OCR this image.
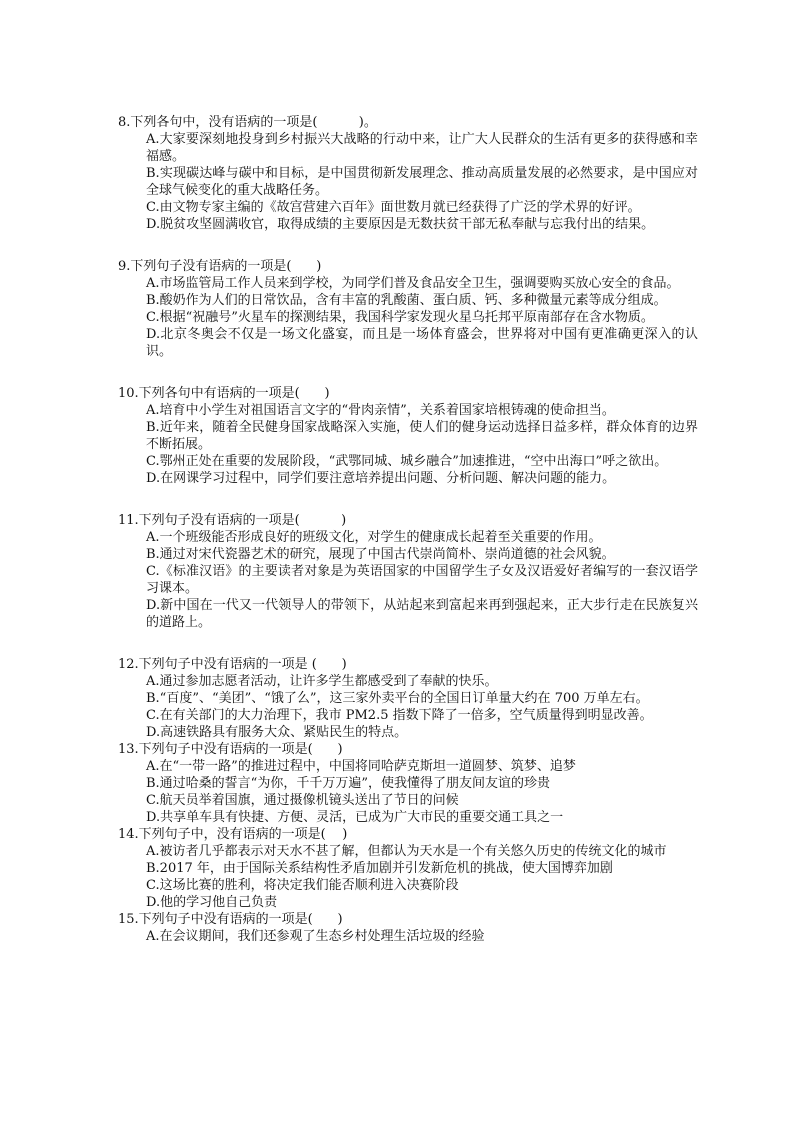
8.下列各句中，没有语病的一项是(          )。
A.大家要深刻地投身到乡村振兴大战略的行动中来，让广大人民群众的生活有更多的获得感和幸福感。
B.实现碳达峰与碳中和目标，是中国贯彻新发展理念、推动高质量发展的必然要求，是中国应对全球气候变化的重大战略任务。
C.由文物专家主编的《故宫营建六百年》面世数月就已经获得了广泛的学术界的好评。
D.脱贫攻坚圆满收官，取得成绩的主要原因是无数扶贫干部无私奉献与忘我付出的结果。
9.下列句子没有语病的一项是(      )
A.市场监管局工作人员来到学校，为同学们普及食品安全卫生，强调要购买放心安全的食品。
B.酸奶作为人们的日常饮品，含有丰富的乳酸菌、蛋白质、钙、多种微量元素等成分组成。
C.根据“祝融号”火星车的探测结果，我国科学家发现火星乌托邦平原南部存在含水物质。
D.北京冬奥会不仅是一场文化盛宴，而且是一场体育盛会，世界将对中国有更准确更深入的认识。
10.下列各句中有语病的一项是(      )
A.培育中小学生对祖国语言文字的“骨肉亲情”，关系着国家培根铸魂的使命担当。
B.近年来，随着全民健身国家战略深入实施，使人们的健身运动选择日益多样，群众体育的边界不断拓展。
C.鄂州正处在重要的发展阶段，“武鄂同城、城乡融合”加速推进，“空中出海口”呼之欲出。
D.在网课学习过程中，同学们要注意培养提出问题、分析问题、解决问题的能力。
11.下列句子没有语病的一项是(          )
A.一个班级能否形成良好的班级文化，对学生的健康成长起着至关重要的作用。
B.通过对宋代瓷器艺术的研究，展现了中国古代崇尚简朴、崇尚道德的社会风貌。
C.《标准汉语》的主要读者对象是为英语国家的中国留学生子女及汉语爱好者编写的一套汉语学习课本。
D.新中国在一代又一代领导人的带领下，从站起来到富起来再到强起来，正大步行走在民族复兴的道路上。
12.下列句子中没有语病的一项是 (      )
A.通过参加志愿者活动，让许多学生都感受到了奉献的快乐。
B.“百度”、“美团”、“饿了么”，这三家外卖平台的全国日订单量大约在 700 万单左右。
C.在有关部门的大力治理下，我市 PM2.5 指数下降了一倍多，空气质量得到明显改善。
D.高速铁路具有服务大众、紧贴民生的特点。
13.下列句子中没有语病的一项是(      )
A.在“一带一路”的推进过程中，中国将同哈萨克斯坦一道圆梦、筑梦、追梦
B.通过哈桑的誓言“为你，千千万万遍”，使我懂得了朋友间友谊的珍贵
C.航天员举着国旗，通过摄像机镜头送出了节日的问候
D.共享单车具有快捷、方便、灵活，已成为广大市民的重要交通工具之一
14.下列句子中，没有语病的一项是(    )
A.被访者几乎都表示对天水不甚了解，但都认为天水是一个有关悠久历史的传统文化的城市
B.2017 年，由于国际关系结构性矛盾加剧并引发新危机的挑战，使大国博弈加剧
C.这场比赛的胜利，将决定我们能否顺利进入决赛阶段
D.他的学习他自己负责
15.下列句子中没有语病的一项是(      )
A.在会议期间，我们还参观了生态乡村处理生活垃圾的经验
